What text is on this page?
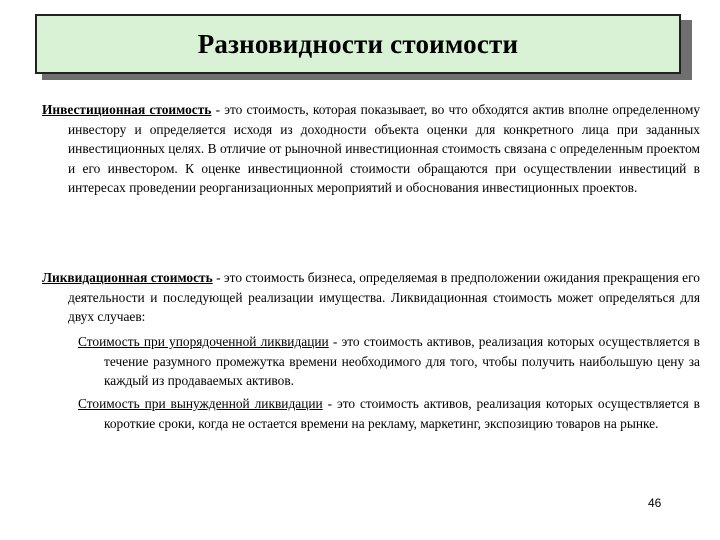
Разновидности стоимости

Инвестиционная стоимость - это стоимость, которая показывает, во что обходятся актив вполне определенному инвестору и определяется исходя из доходности объекта оценки для конкретного лица при заданных инвестиционных целях. В отличие от рыночной инвестиционная стоимость связана с определенным проектом и его инвестором. К оценке инвестиционной стоимости обращаются при осуществлении инвестиций в интересах проведении реорганизационных мероприятий и обоснования инвестиционных проектов.

Ликвидационная стоимость - это стоимость бизнеса, определяемая в предположении ожидания прекращения его деятельности и последующей реализации имущества. Ликвидационная стоимость может определяться для двух случаев:

Стоимость при упорядоченной ликвидации - это стоимость активов, реализация которых осуществляется в течение разумного промежутка времени необходимого для того, чтобы получить наибольшую цену за каждый из продаваемых активов.

Стоимость при вынужденной ликвидации - это стоимость активов, реализация которых осуществляется в короткие сроки, когда не остается времени на рекламу, маркетинг, экспозицию товаров на рынке.

46
